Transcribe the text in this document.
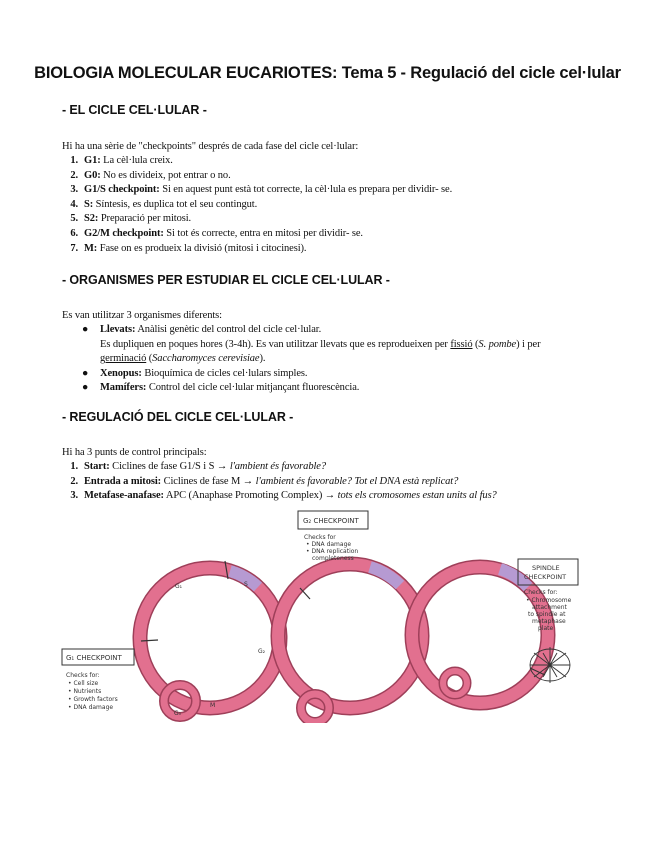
BIOLOGIA MOLECULAR EUCARIOTES: Tema 5 - Regulació del cicle cel·lular
- EL CICLE CEL·LULAR -

Hi ha una sèrie de "checkpoints" després de cada fase del cicle cel·lular:

1. G1: La cèl·lula creix.
2. G0: No es divideix, pot entrar o no.
3. G1/S checkpoint: Si en aquest punt està tot correcte, la cèl·lula es prepara per dividir- se.
4. S: Síntesis, es duplica tot el seu contingut.
5. S2: Preparació per mitosi.
6. G2/M checkpoint: Si tot és correcte, entra en mitosi per dividir- se.
7. M: Fase on es produeix la divisió (mitosi i citocinesi).
- ORGANISMES PER ESTUDIAR EL CICLE CEL·LULAR -

Es van utilitzar 3 organismes diferents:

● Llevats: Anàlisi genètic del control del cicle cel·lular.
Es dupliquen en poques hores (3-4h). Es van utilitzar llevats que es reprodueixen per fissió (S. pombe) i per
germinació (Saccharomyces cerevisiae).
● Xenopus: Bioquímica de cicles cel·lulars simples.
● Mamífers: Control del cicle cel·lular mitjançant fluorescència.
- REGULACIÓ DEL CICLE CEL·LULAR -

Hi ha 3 punts de control principals:

1. Start: Ciclines de fase G1/S i S → l'ambient és favorable?
2. Entrada a mitosi: Ciclines de fase M → l'ambient és favorable? Tot el DNA està replicat?
3. Metafase-anafase: APC (Anaphase Promoting Complex) → tots els cromosomes estan units al fus?
G₁	S
G₂
M
G₀
G₁ CHECKPOINT
Checks for: • Cell size • Nutrients • Growth factors • DNA damage
G₂ CHECKPOINT
Checks for • DNA damage • DNA replication completeness
SPINDLE CHECKPOINT
Checks for: • Chromosome attachment to spindle at metaphase plate
